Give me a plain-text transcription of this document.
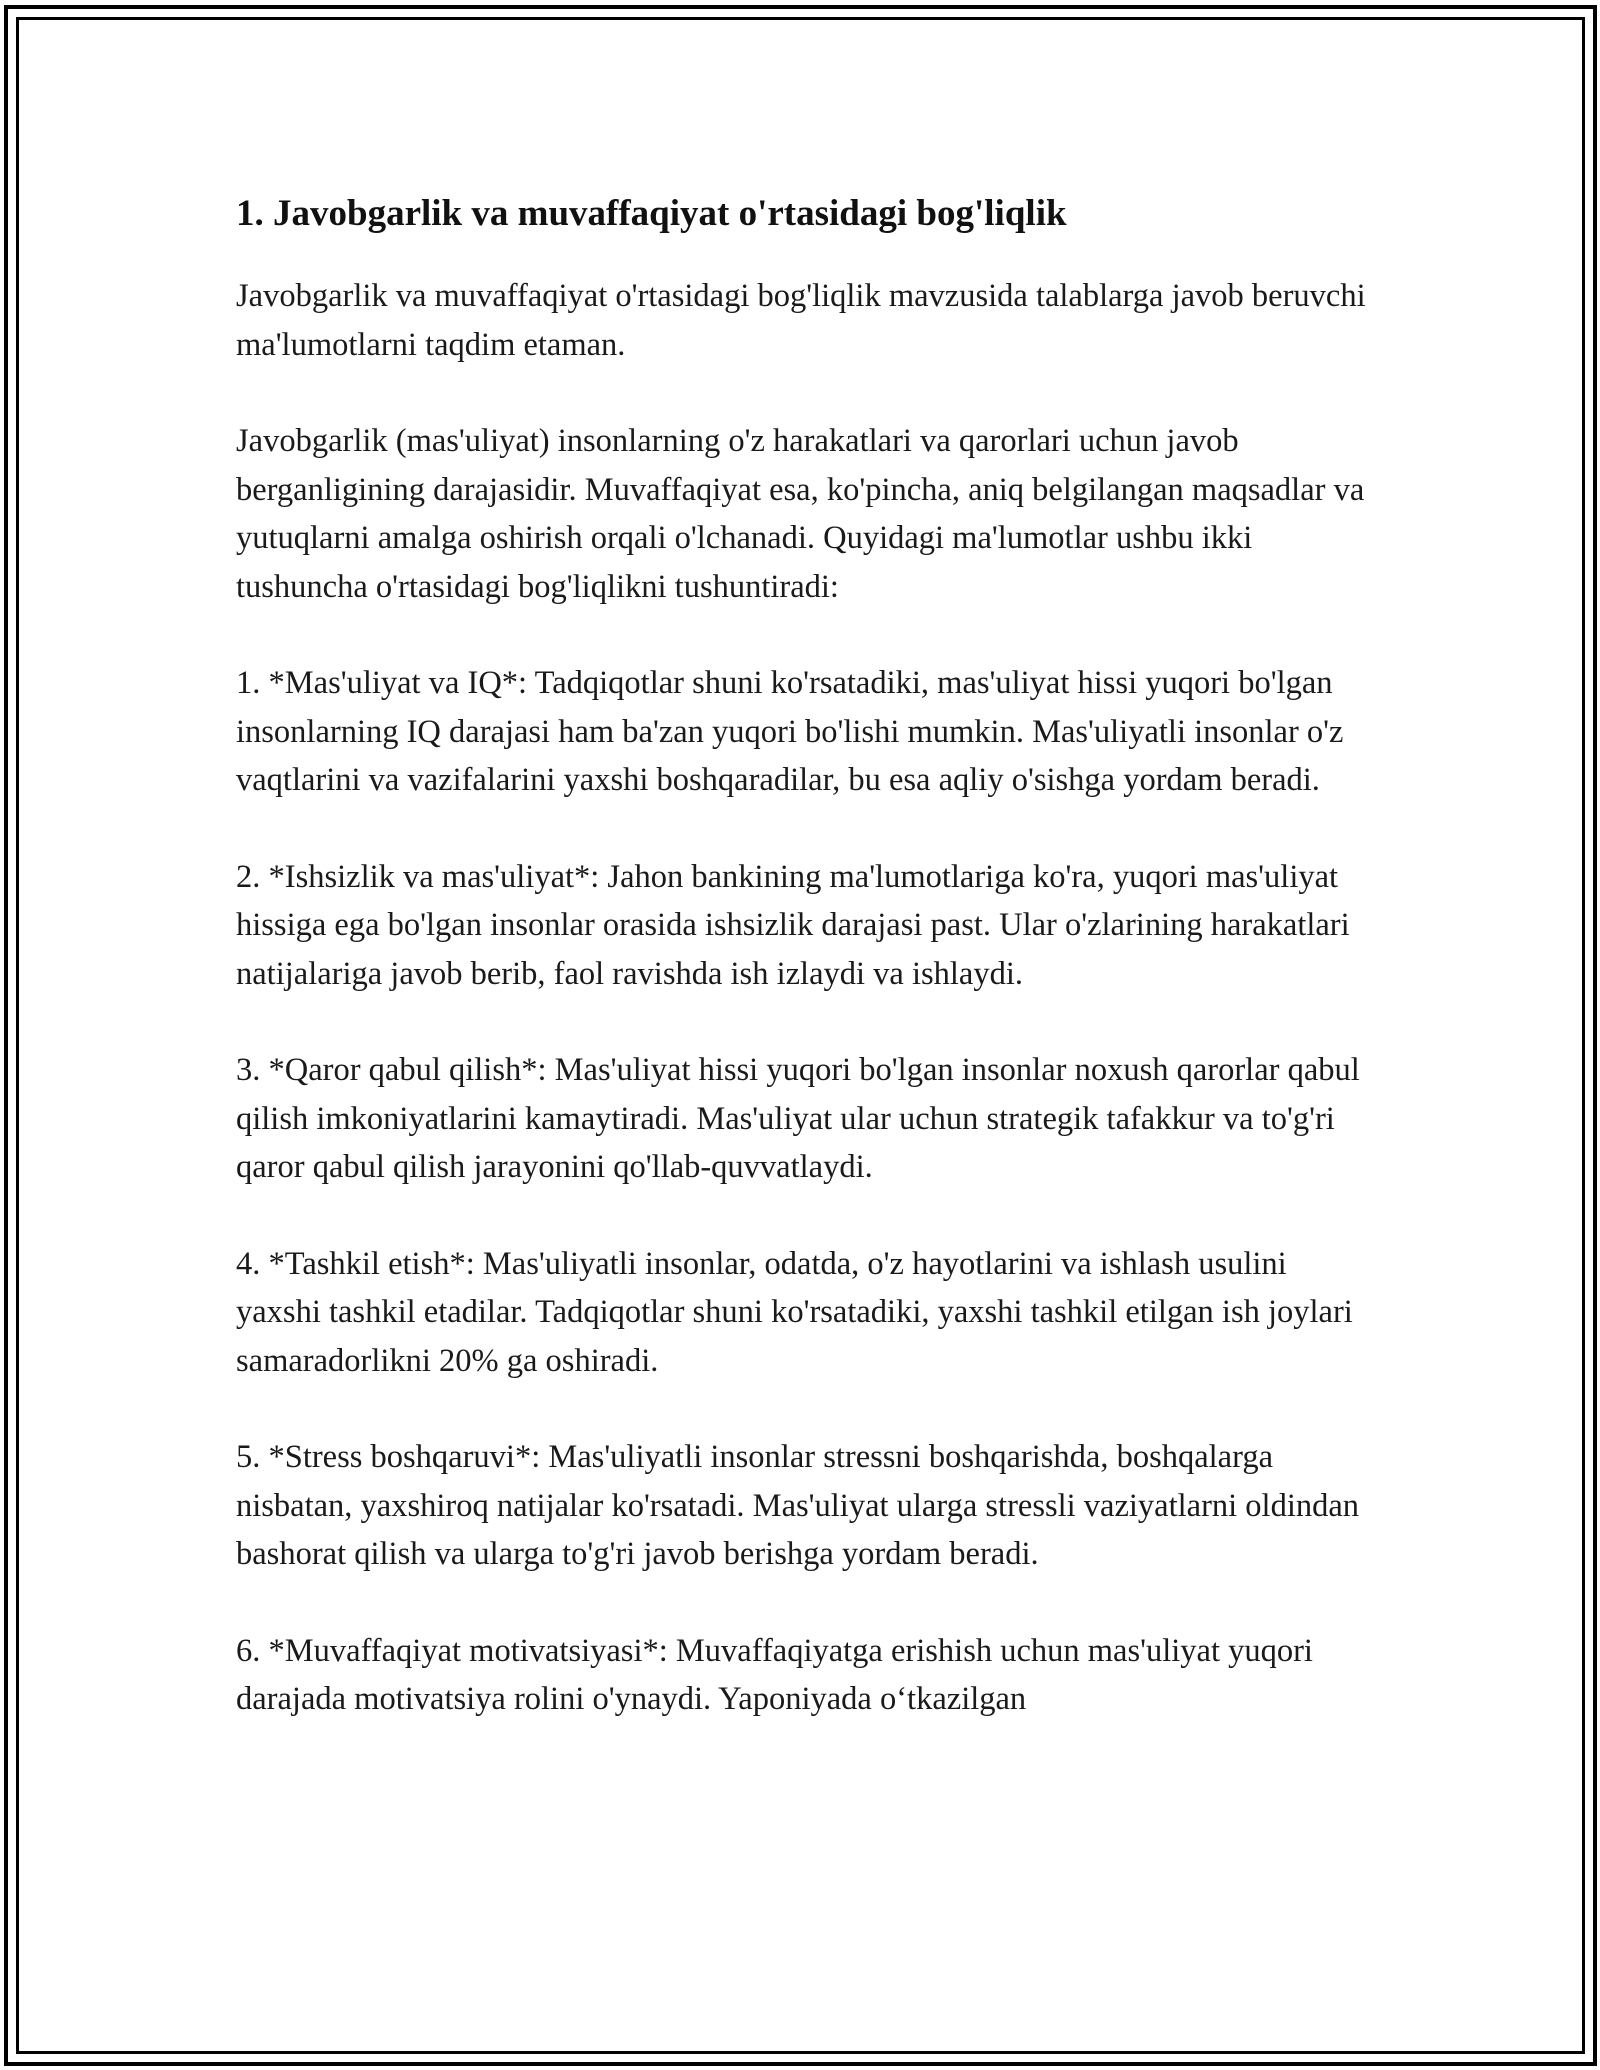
1. Javobgarlik va muvaffaqiyat o'rtasidagi bog'liqlik

Javobgarlik va muvaffaqiyat o'rtasidagi bog'liqlik mavzusida talablarga javob beruvchi ma'lumotlarni taqdim etaman.

Javobgarlik (mas'uliyat) insonlarning o'z harakatlari va qarorlari uchun javob berganligining darajasidir. Muvaffaqiyat esa, ko'pincha, aniq belgilangan maqsadlar va yutuqlarni amalga oshirish orqali o'lchanadi. Quyidagi ma'lumotlar ushbu ikki tushuncha o'rtasidagi bog'liqlikni tushuntiradi:

1. *Mas'uliyat va IQ*: Tadqiqotlar shuni ko'rsatadiki, mas'uliyat hissi yuqori bo'lgan insonlarning IQ darajasi ham ba'zan yuqori bo'lishi mumkin. Mas'uliyatli insonlar o'z vaqtlarini va vazifalarini yaxshi boshqaradilar, bu esa aqliy o'sishga yordam beradi.

2. *Ishsizlik va mas'uliyat*: Jahon bankining ma'lumotlariga ko'ra, yuqori mas'uliyat hissiga ega bo'lgan insonlar orasida ishsizlik darajasi past. Ular o'zlarining harakatlari natijalariga javob berib, faol ravishda ish izlaydi va ishlaydi.

3. *Qaror qabul qilish*: Mas'uliyat hissi yuqori bo'lgan insonlar noxush qarorlar qabul qilish imkoniyatlarini kamaytiradi. Mas'uliyat ular uchun strategik tafakkur va to'g'ri qaror qabul qilish jarayonini qo'llab-quvvatlaydi.

4. *Tashkil etish*: Mas'uliyatli insonlar, odatda, o'z hayotlarini va ishlash usulini yaxshi tashkil etadilar. Tadqiqotlar shuni ko'rsatadiki, yaxshi tashkil etilgan ish joylari samaradorlikni 20% ga oshiradi.

5. *Stress boshqaruvi*: Mas'uliyatli insonlar stressni boshqarishda, boshqalarga nisbatan, yaxshiroq natijalar ko'rsatadi. Mas'uliyat ularga stressli vaziyatlarni oldindan bashorat qilish va ularga to'g'ri javob berishga yordam beradi.

6. *Muvaffaqiyat motivatsiyasi*: Muvaffaqiyatga erishish uchun mas'uliyat yuqori darajada motivatsiya rolini o'ynaydi. Yaponiyada oʻtkazilgan
